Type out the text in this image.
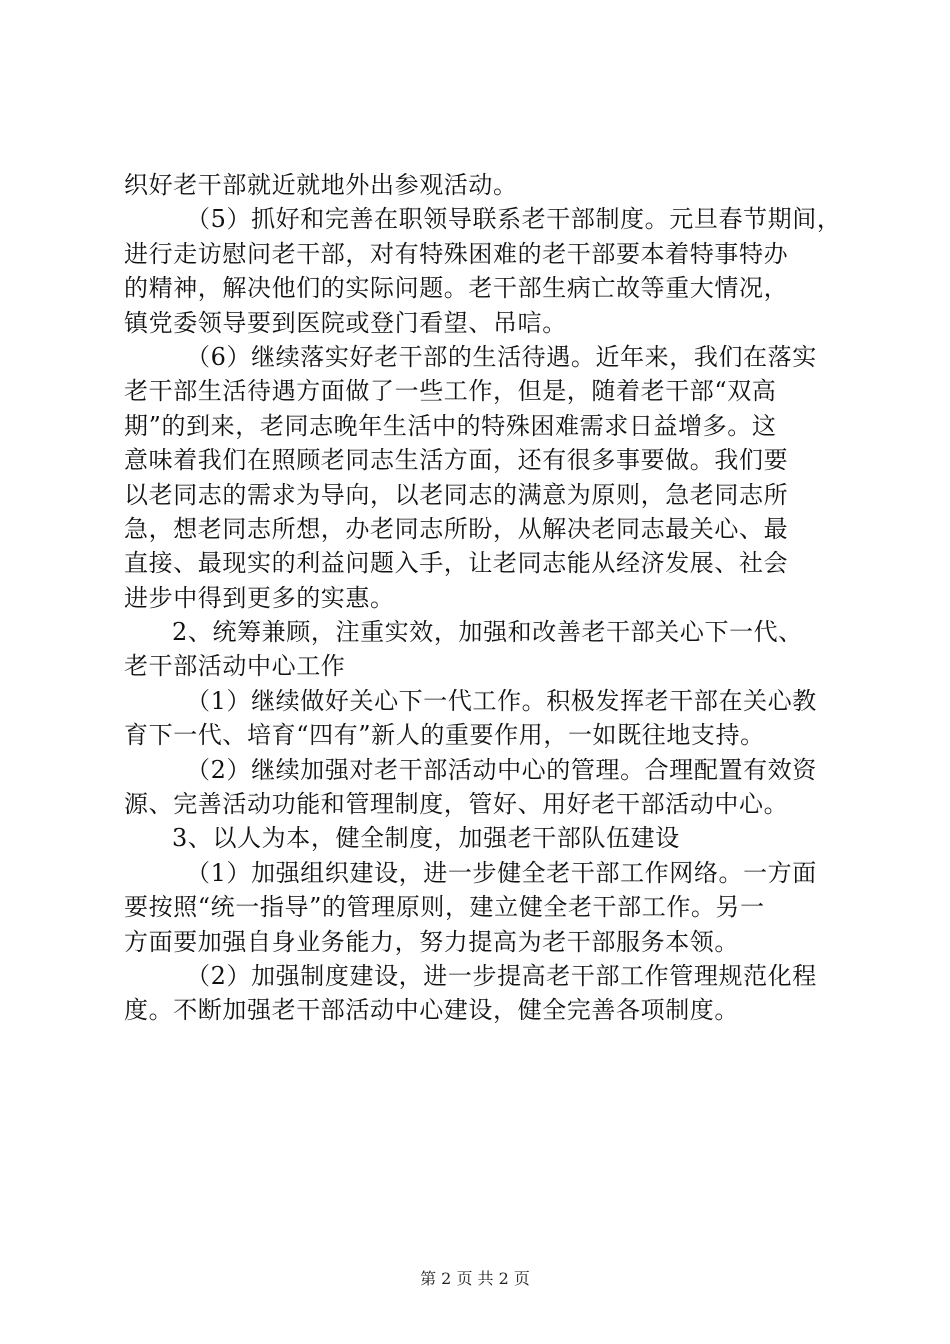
织好老干部就近就地外出参观活动。
（5）抓好和完善在职领导联系老干部制度。元旦春节期间，
进行走访慰问老干部，对有特殊困难的老干部要本着特事特办
的精神，解决他们的实际问题。老干部生病亡故等重大情况，
镇党委领导要到医院或登门看望、吊唁。
（6）继续落实好老干部的生活待遇。近年来，我们在落实
老干部生活待遇方面做了一些工作，但是，随着老干部“双高
期”的到来，老同志晚年生活中的特殊困难需求日益增多。这
意味着我们在照顾老同志生活方面，还有很多事要做。我们要
以老同志的需求为导向，以老同志的满意为原则，急老同志所
急，想老同志所想，办老同志所盼，从解决老同志最关心、最
直接、最现实的利益问题入手，让老同志能从经济发展、社会
进步中得到更多的实惠。
2、统筹兼顾，注重实效，加强和改善老干部关心下一代、
老干部活动中心工作
（1）继续做好关心下一代工作。积极发挥老干部在关心教
育下一代、培育“四有”新人的重要作用，一如既往地支持。
（2）继续加强对老干部活动中心的管理。合理配置有效资
源、完善活动功能和管理制度，管好、用好老干部活动中心。
3、以人为本，健全制度，加强老干部队伍建设
（1）加强组织建设，进一步健全老干部工作网络。一方面
要按照“统一指导”的管理原则，建立健全老干部工作。另一
方面要加强自身业务能力，努力提高为老干部服务本领。
（2）加强制度建设，进一步提高老干部工作管理规范化程
度。不断加强老干部活动中心建设，健全完善各项制度。
第 2 页 共 2 页
